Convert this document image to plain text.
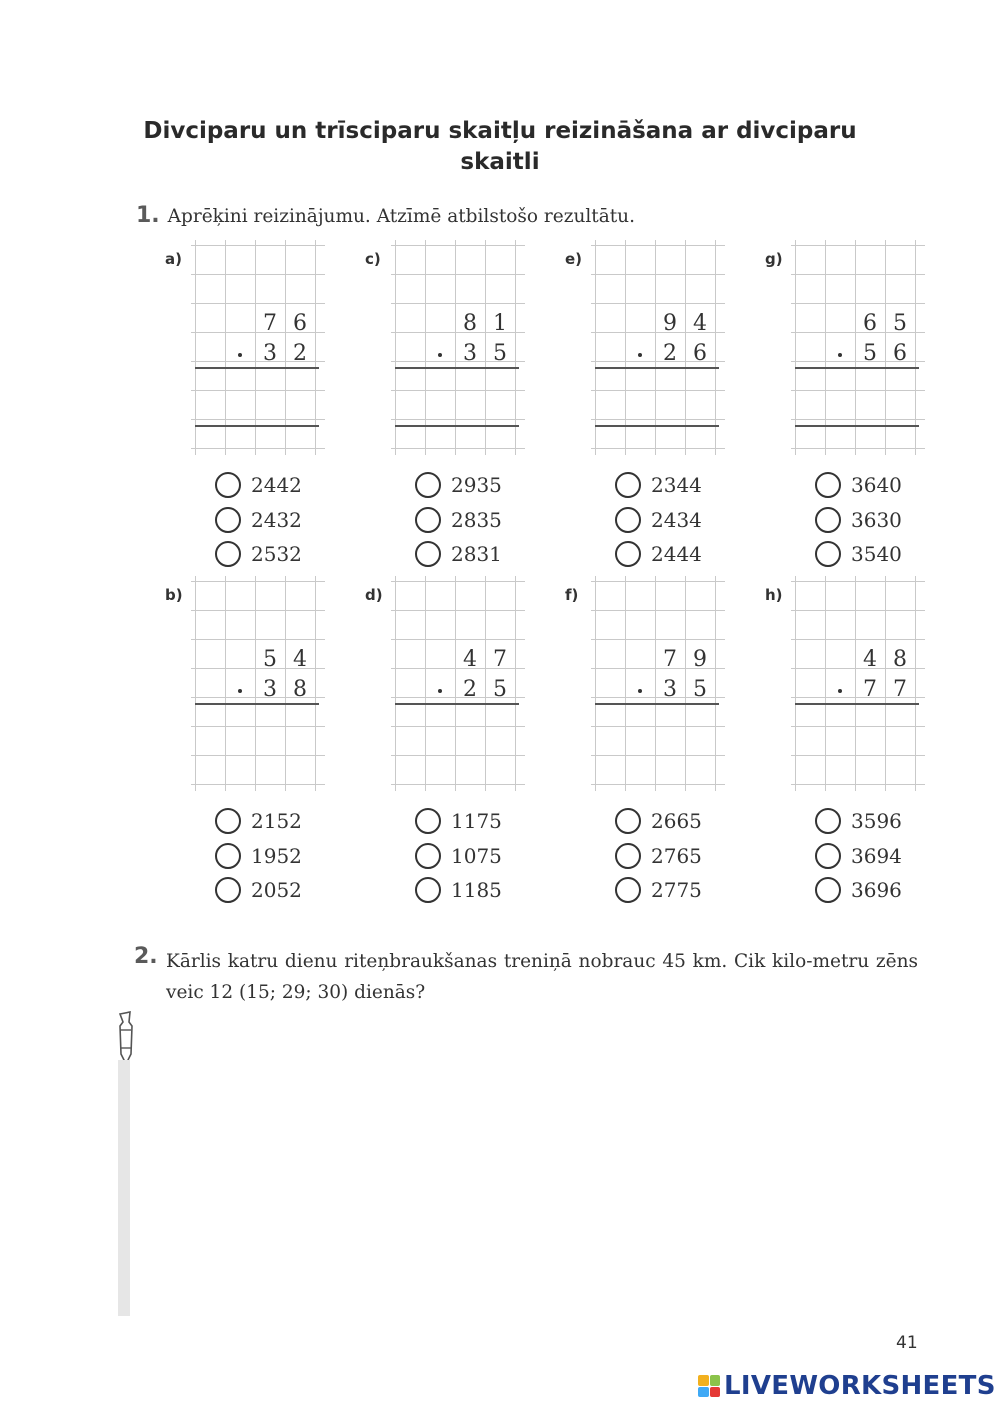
Divciparu un trīsciparu skaitļu reizināšana ar divciparu skaitli
1. Aprēķini reizinājumu. Atzīmē atbilstošo rezultātu.
a)
7 6
3 2
2442
2432
2532
c)
8 1
3 5
2935
2835
2831
e)
9 4
2 6
2344
2434
2444
g)
6 5
5 6
3640
3630
3540
b)
5 4
3 8
2152
1952
2052
d)
4 7
2 5
1175
1075
1185
f)
7 9
3 5
2665
2765
2775
h)
4 8
7 7
3596
3694
3696
2. Kārlis katru dienu riteņbraukšanas treniņā nobrauc 45 km. Cik kilo-metru zēns veic 12 (15; 29; 30) dienās?
41
LIVEWORKSHEETS
